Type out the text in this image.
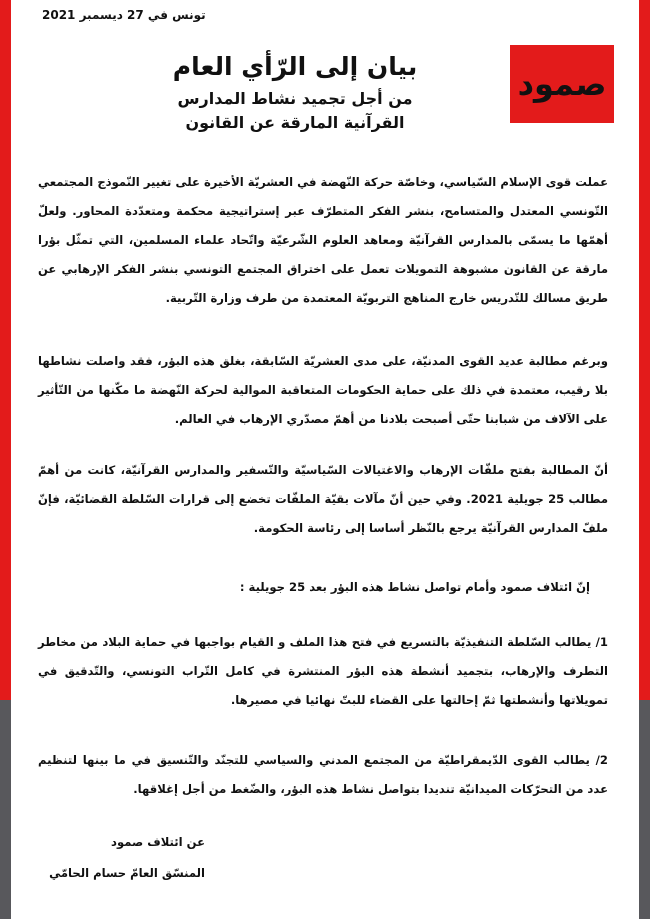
تونس في 27 ديسمبر 2021
صمود
بيان إلى الرّأي العام
من أجل تجميد نشاط المدارس
القرآنية المارقة عن القانون

عملت قوى الإسلام السّياسي، وخاصّة حركة النّهضة في العشريّة الأخيرة على تغيير النّموذج المجتمعي التّونسي المعتدل والمتسامح، بنشر الفكر المتطرّف عبر إستراتيجية محكمة ومتعدّدة المحاور. ولعلّ أهمّها ما يسمّى بالمدارس القرآنيّة ومعاهد العلوم الشّرعيّة واتّحاد علماء المسلمين، التي تمثّل بؤرا مارقة عن القانون مشبوهة التمويلات تعمل على اختراق المجتمع التونسي بنشر الفكر الإرهابي عن طريق مسالك للتّدريس خارج المناهج التربويّة المعتمدة من طرف وزارة التّربية.

وبرغم مطالبة عديد القوى المدنيّة، على مدى العشريّة السّابقة، بغلق هذه البؤر، فقد واصلت نشاطها بلا رقيب، معتمدة في ذلك على حماية الحكومات المتعاقبة الموالية لحركة النّهضة ما مكّنها من التّأثير على الآلاف من شبابنا حتّى أصبحت بلادنا من أهمّ مصدّري الإرهاب في العالم.

أنّ المطالبة بفتح ملفّات الإرهاب والاغتيالات السّياسيّة والتّسفير والمدارس القرآنيّة، كانت من أهمّ مطالب 25 جويلية 2021. وفي حين أنّ مآلات بقيّة الملفّات تخضع إلى قرارات السّلطة القضائيّة، فإنّ ملفّ المدارس القرآنيّة يرجع بالنّظر أساسا إلى رئاسة الحكومة.

إنّ ائتلاف صمود وأمام تواصل نشاط هذه البؤر بعد 25 جويلية :

1/ يطالب السّلطة التنفيذيّة بالتسريع في فتح هذا الملف و القيام بواجبها في حماية البلاد من مخاطر التطرف والإرهاب، بتجميد أنشطة هذه البؤر المنتشرة في كامل التّراب التونسي، والتّدقيق في تمويلاتها وأنشطتها ثمّ إحالتها على القضاء للبتّ نهائيا في مصيرها.

2/ يطالب القوى الدّيمقراطيّة من المجتمع المدني والسياسي للتجنّد والتّنسيق في ما بينها لتنظيم عدد من التحرّكات الميدانيّة تنديدا بتواصل نشاط هذه البؤر، والضّغط من أجل إغلاقها.

عن ائتلاف صمود
المنسّق العامّ حسام الحامّي
